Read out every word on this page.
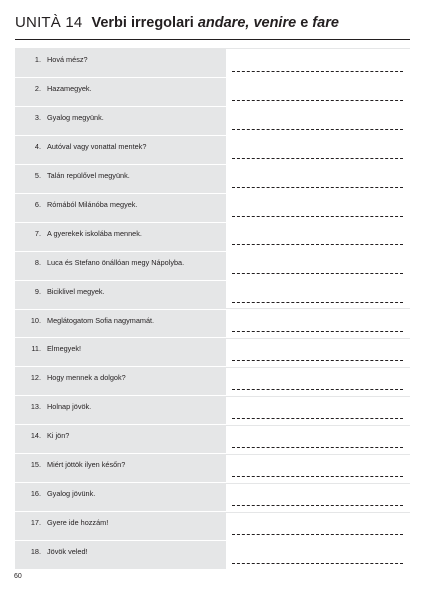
UNITÀ 14 Verbi irregolari andare, venire e fare
1. Hová mész?
2. Hazamegyek.
3. Gyalog megyünk.
4. Autóval vagy vonattal mentek?
5. Talán repülővel megyünk.
6. Rómából Milánóba megyek.
7. A gyerekek iskolába mennek.
8. Luca és Stefano önállóan megy Nápolyba.
9. Biciklivel megyek.
10. Meglátogatom Sofia nagymamát.
11. Elmegyek!
12. Hogy mennek a dolgok?
13. Holnap jövök.
14. Ki jön?
15. Miért jöttök ilyen későn?
16. Gyalog jövünk.
17. Gyere ide hozzám!
18. Jövök veled!
60
